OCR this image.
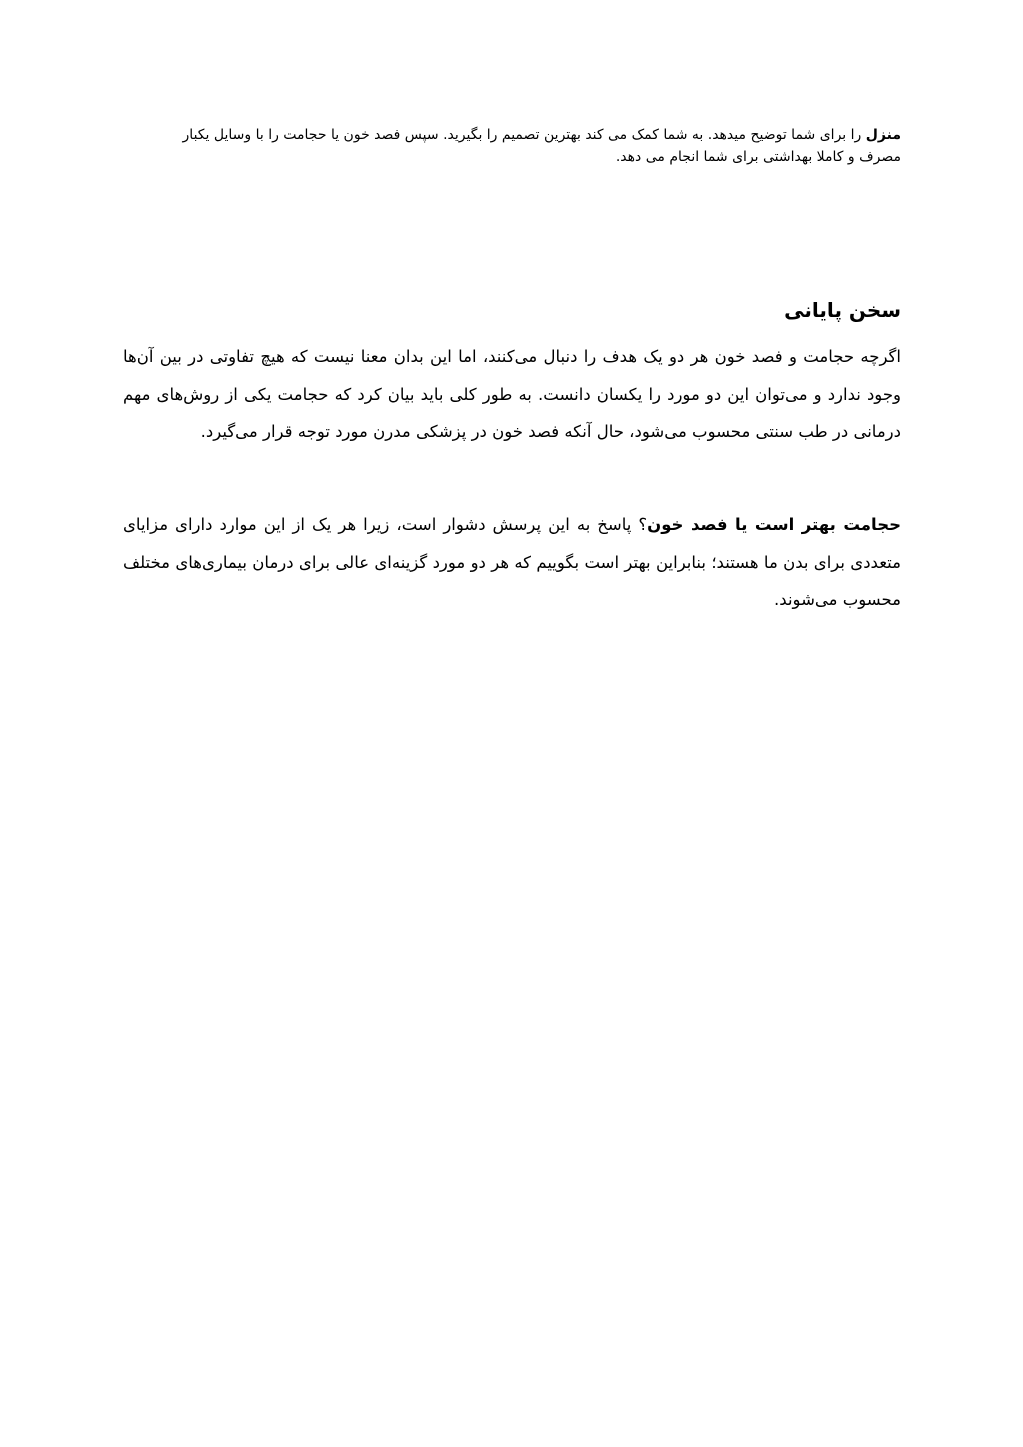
منزل را برای شما توضیح میدهد. به شما کمک می کند بهترین تصمیم را بگیرید. سپس فصد خون یا حجامت را با وسایل یکبار مصرف و کاملا بهداشتی برای شما انجام می دهد.

سخن پایانی

اگرچه حجامت و فصد خون هر دو یک هدف را دنبال می‌کنند، اما این بدان معنا نیست که هیچ تفاوتی در بین آن‌ها وجود ندارد و می‌توان این دو مورد را یکسان دانست. به طور کلی باید بیان کرد که حجامت یکی از روش‌های مهم درمانی در طب سنتی محسوب می‌شود، حال آنکه فصد خون در پزشکی مدرن مورد توجه قرار می‌گیرد.

حجامت بهتر است یا فصد خون؟ پاسخ به این پرسش دشوار است، زیرا هر یک از این موارد دارای مزایای متعددی برای بدن ما هستند؛ بنابراین بهتر است بگوییم که هر دو مورد گزینه‌ای عالی برای درمان بیماری‌های مختلف محسوب می‌شوند.
